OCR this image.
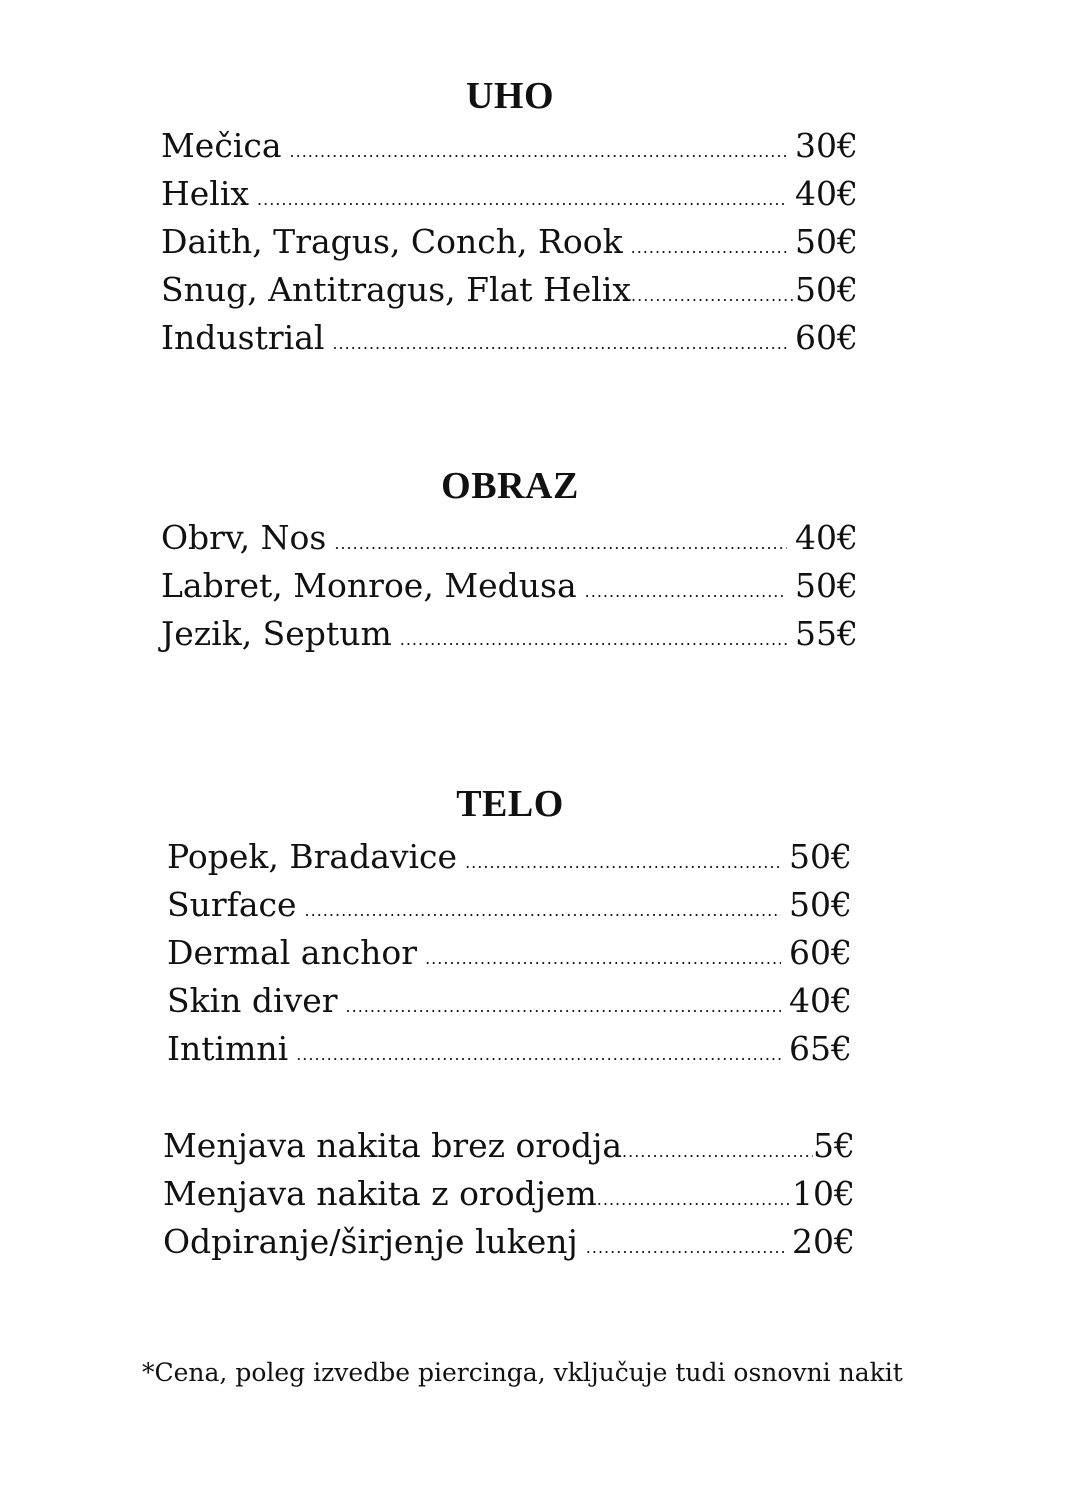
UHO
Mečica .....	30€
Helix .....	40€
Daith, Tragus, Conch, Rook .....	50€
Snug, Antitragus, Flat Helix .....	50€
Industrial .....	60€
OBRAZ
Obrv, Nos .....	40€
Labret, Monroe, Medusa .....	50€
Jezik, Septum .....	55€
TELO
Popek, Bradavice .....	50€
Surface .....	50€
Dermal anchor .....	60€
Skin diver .....	40€
Intimni .....	65€
Menjava nakita brez orodja .....	5€
Menjava nakita z orodjem .....	10€
Odpiranje/širjenje lukenj .....	20€
*Cena, poleg izvedbe piercinga, vključuje tudi osnovni nakit
